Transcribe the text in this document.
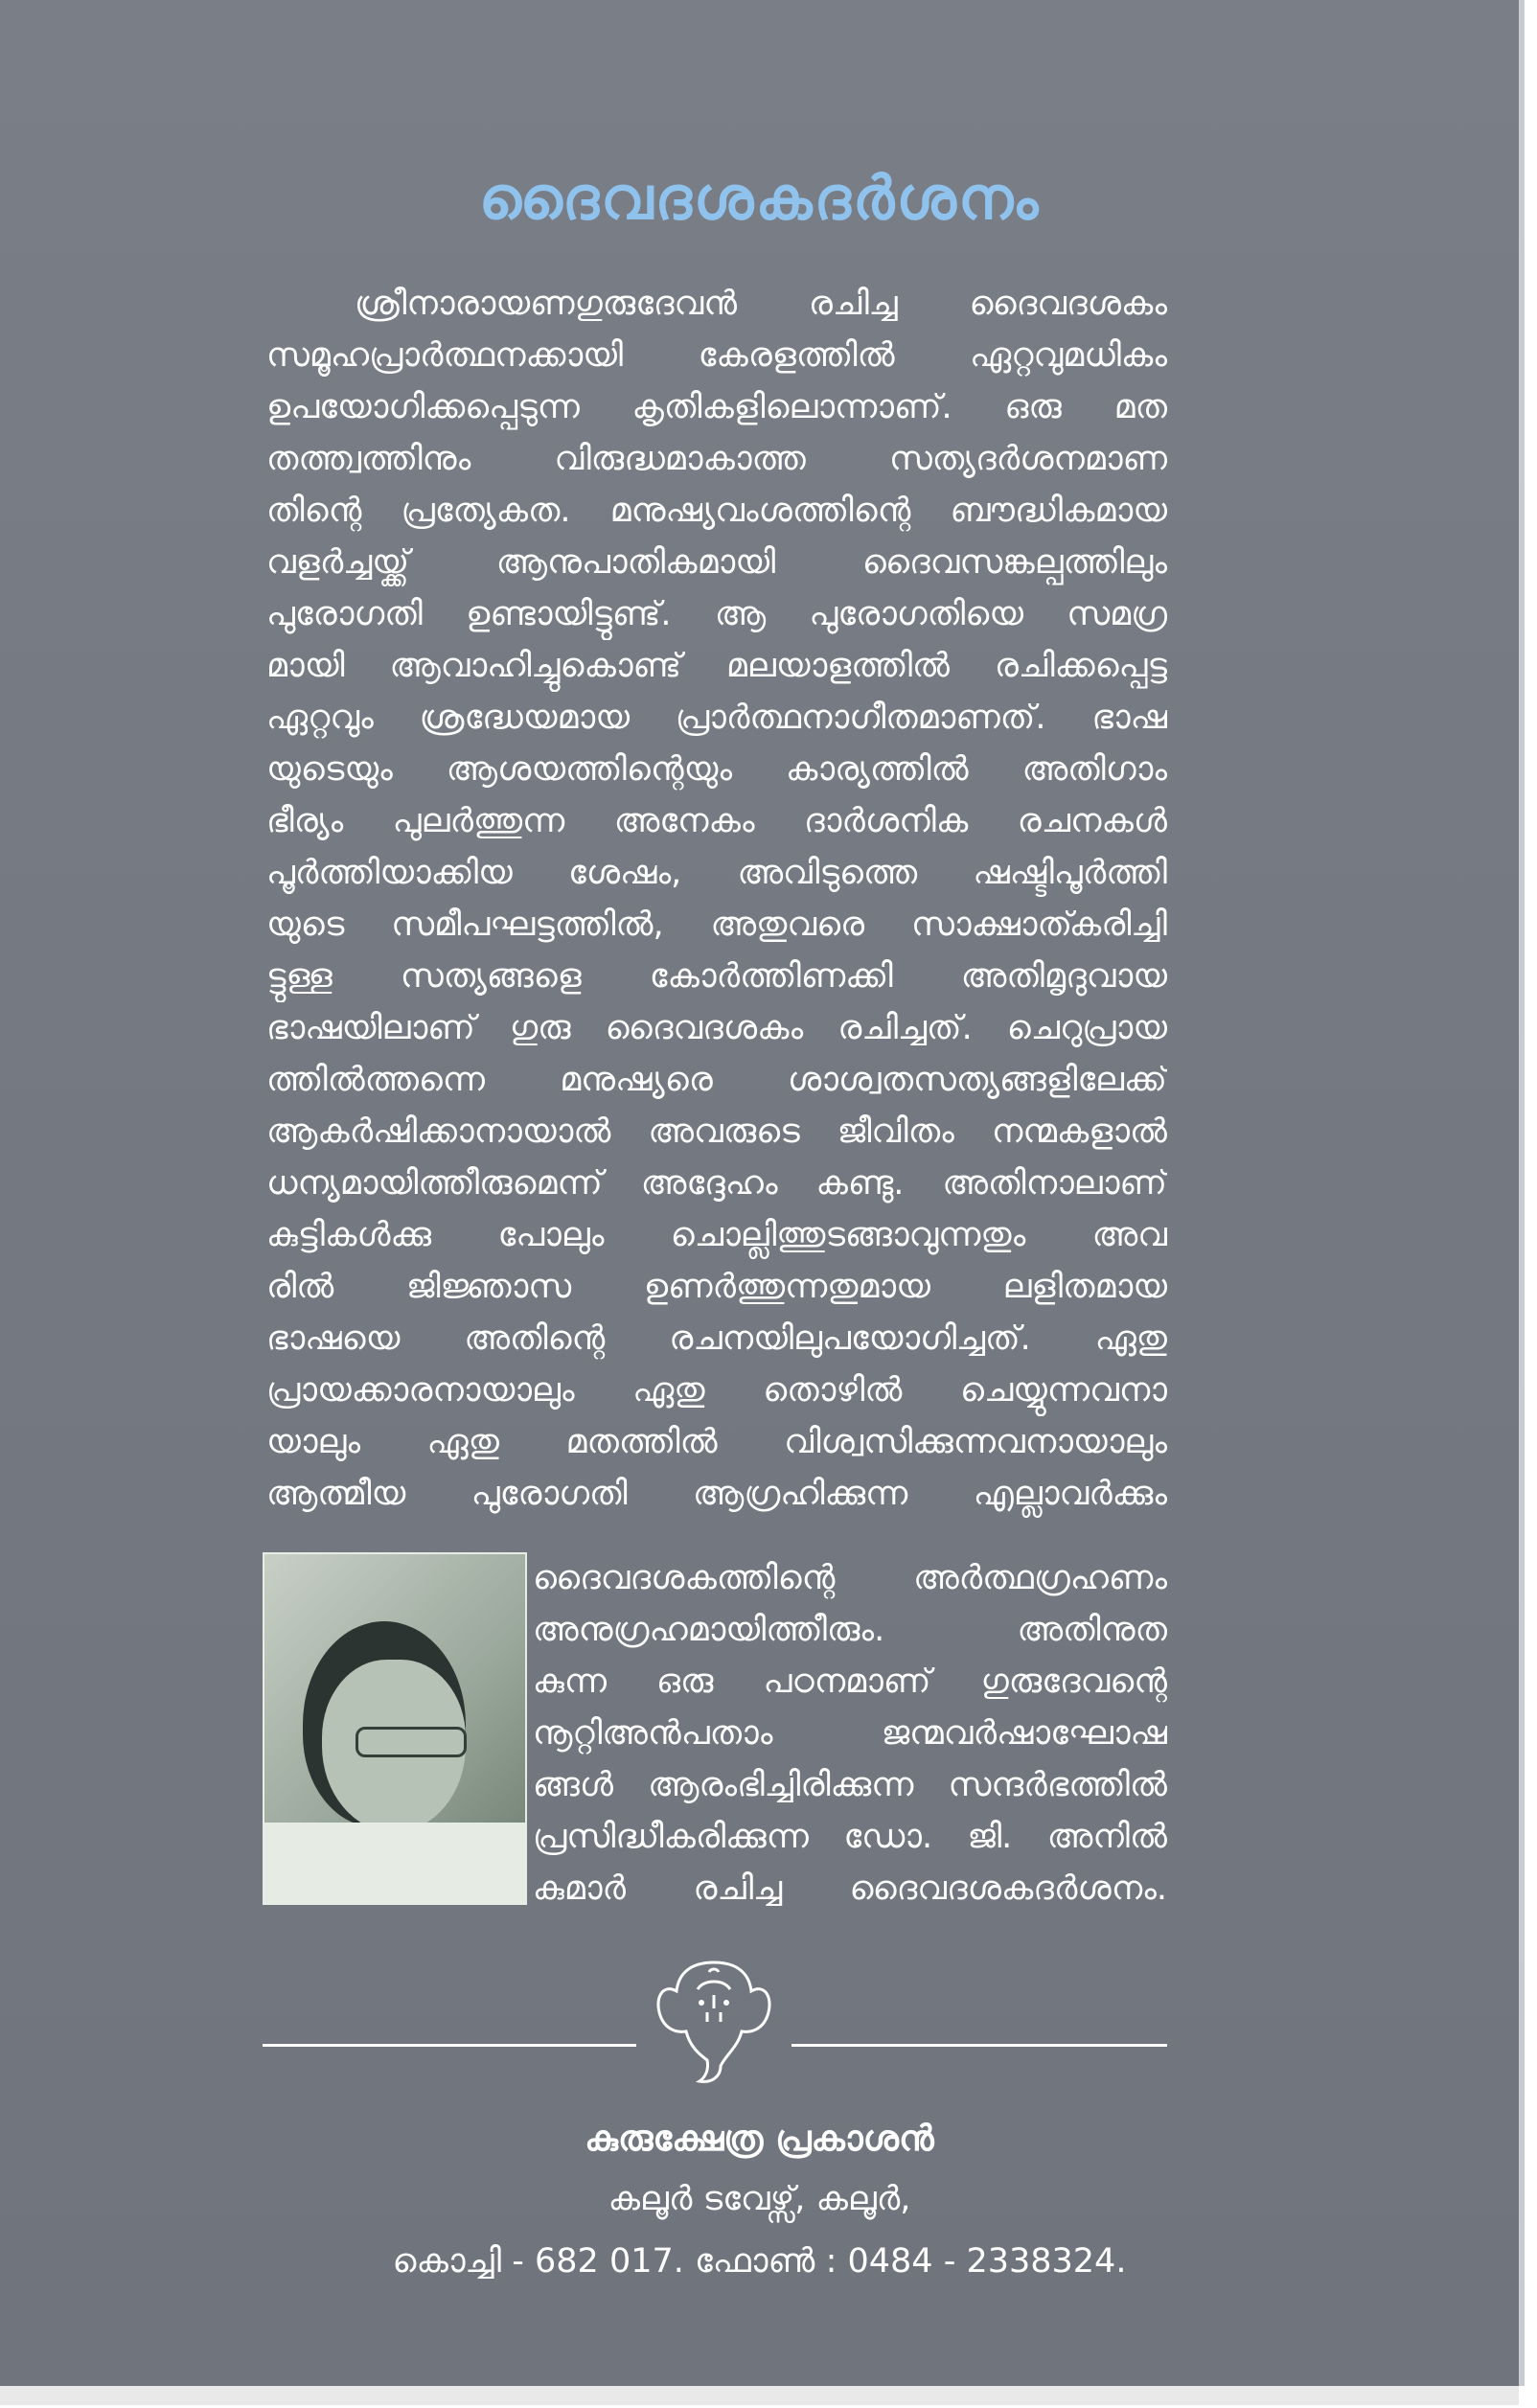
ദൈവദശകദർശനം
ശ്രീനാരായണഗുരുദേവൻ രചിച്ച ദൈവദശകം
സമൂഹപ്രാർത്ഥനക്കായി കേരളത്തിൽ ഏറ്റവുമധികം
ഉപയോഗിക്കപ്പെടുന്ന കൃതികളിലൊന്നാണ്. ഒരു മത
തത്ത്വത്തിനും വിരുദ്ധമാകാത്ത സത്യദർശനമാണ
തിന്റെ പ്രത്യേകത. മനുഷ്യവംശത്തിന്റെ ബൗദ്ധികമായ
വളർച്ചയ്ക്ക് ആനുപാതികമായി ദൈവസങ്കല്പത്തിലും
പുരോഗതി ഉണ്ടായിട്ടുണ്ട്. ആ പുരോഗതിയെ സമഗ്ര
മായി ആവാഹിച്ചുകൊണ്ട് മലയാളത്തിൽ രചിക്കപ്പെട്ട
ഏറ്റവും ശ്രദ്ധേയമായ പ്രാർത്ഥനാഗീതമാണത്. ഭാഷ
യുടെയും ആശയത്തിന്റെയും കാര്യത്തിൽ അതിഗാം
ഭീര്യം പുലർത്തുന്ന അനേകം ദാർശനിക രചനകൾ
പൂർത്തിയാക്കിയ ശേഷം, അവിടുത്തെ ഷഷ്ടിപൂർത്തി
യുടെ സമീപഘട്ടത്തിൽ, അതുവരെ സാക്ഷാത്കരിച്ചി
ട്ടുള്ള സത്യങ്ങളെ കോർത്തിണക്കി അതിമൃദുവായ
ഭാഷയിലാണ് ഗുരു ദൈവദശകം രചിച്ചത്. ചെറുപ്രായ
ത്തിൽത്തന്നെ മനുഷ്യരെ ശാശ്വതസത്യങ്ങളിലേക്ക്
ആകർഷിക്കാനായാൽ അവരുടെ ജീവിതം നന്മകളാൽ
ധന്യമായിത്തീരുമെന്ന് അദ്ദേഹം കണ്ടു. അതിനാലാണ്
കുട്ടികൾക്കു പോലും ചൊല്ലിത്തുടങ്ങാവുന്നതും അവ
രിൽ ജിജ്ഞാസ ഉണർത്തുന്നതുമായ ലളിതമായ
ഭാഷയെ അതിന്റെ രചനയിലുപയോഗിച്ചത്. ഏതു
പ്രായക്കാരനായാലും ഏതു തൊഴിൽ ചെയ്യുന്നവനാ
യാലും ഏതു മതത്തിൽ വിശ്വസിക്കുന്നവനായാലും
ആത്മീയ പുരോഗതി ആഗ്രഹിക്കുന്ന എല്ലാവർക്കും
ദൈവദശകത്തിന്റെ അർത്ഥഗ്രഹണം
അനുഗ്രഹമായിത്തീരും. അതിനുത
കുന്ന ഒരു പഠനമാണ് ഗുരുദേവന്റെ
നൂറ്റിഅൻപതാം ജന്മവർഷാഘോഷ
ങ്ങൾ ആരംഭിച്ചിരിക്കുന്ന സന്ദർഭത്തിൽ
പ്രസിദ്ധീകരിക്കുന്ന ഡോ. ജി. അനിൽ
കുമാർ രചിച്ച ദൈവദശകദർശനം.
കുരുക്ഷേത്ര പ്രകാശൻ
കലൂർ ടവേഴ്സ്, കലൂർ,
കൊച്ചി - 682 017. ഫോൺ : 0484 - 2338324.
